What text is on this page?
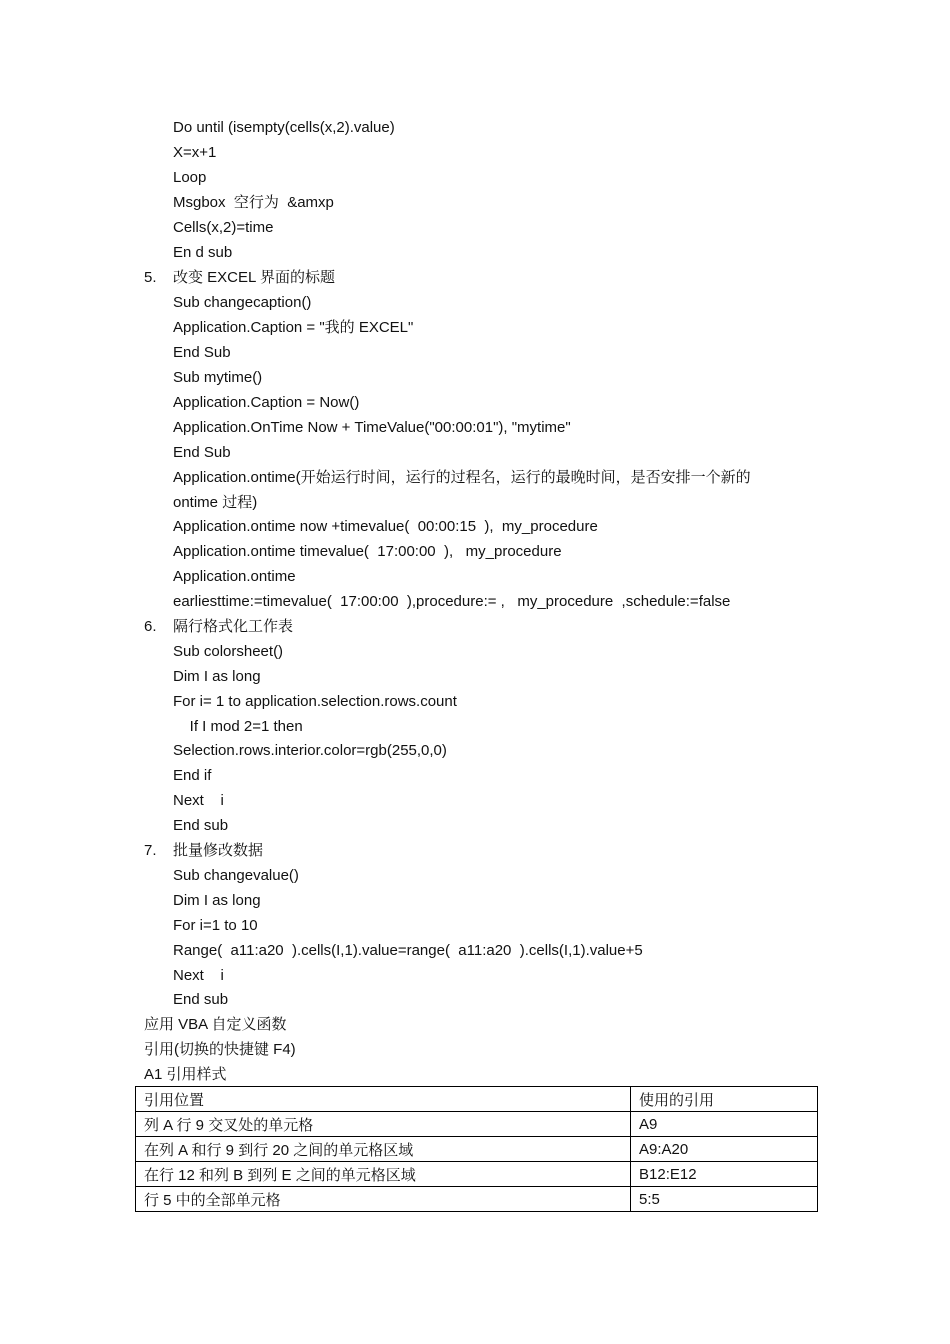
Do until (isempty(cells(x,2).value)
X=x+1
Loop
Msgbox  空行为  &amxp
Cells(x,2)=time
En d sub
5. 改变 EXCEL 界面的标题
Sub changecaption()
Application.Caption = "我的 EXCEL"
End Sub
Sub mytime()
Application.Caption = Now()
Application.OnTime Now + TimeValue("00:00:01"), "mytime"
End Sub
Application.ontime(开始运行时间，运行的过程名，运行的最晚时间，是否安排一个新的
ontime 过程)
Application.ontime now +timevalue(  00:00:15  ),  my_procedure
Application.ontime timevalue(  17:00:00  ),   my_procedure
Application.ontime
earliesttime:=timevalue(  17:00:00  ),procedure:= ,   my_procedure  ,schedule:=false
6. 隔行格式化工作表
Sub colorsheet()
Dim I as long
For i= 1 to application.selection.rows.count
If I mod 2=1 then
Selection.rows.interior.color=rgb(255,0,0)
End if
Next    i
End sub
7. 批量修改数据
Sub changevalue()
Dim I as long
For i=1 to 10
Range(  a11:a20  ).cells(I,1).value=range(  a11:a20  ).cells(I,1).value+5
Next    i
End sub
应用 VBA 自定义函数
引用(切换的快捷键 F4)
A1 引用样式
引用位置	使用的引用
列 A 行 9 交叉处的单元格	A9
在列 A 和行 9 到行 20 之间的单元格区域	A9:A20
在行 12 和列 B 到列 E 之间的单元格区域	B12:E12
行 5 中的全部单元格	5:5
